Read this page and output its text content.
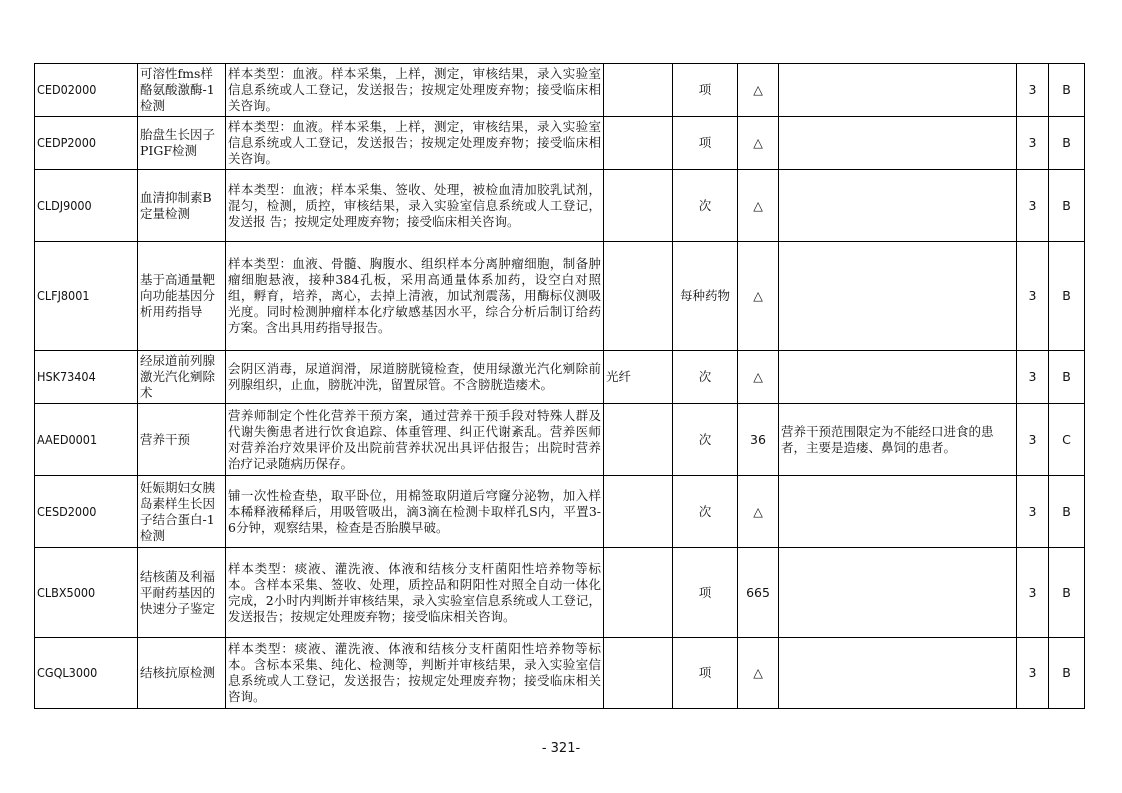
CED02000	可溶性fms样酪氨酸激酶-1检测	样本类型：血液。样本采集，上样，测定，审核结果，录入实验室信息系统或人工登记，发送报告；按规定处理废弃物；接受临床相关咨询。		项	△		3	B
CEDP2000	胎盘生长因子PIGF检测	样本类型：血液。样本采集，上样，测定，审核结果，录入实验室信息系统或人工登记，发送报告；按规定处理废弃物；接受临床相关咨询。		项	△		3	B
CLDJ9000	血清抑制素B定量检测	样本类型：血液；样本采集、签收、处理，被检血清加胶乳试剂，混匀，检测，质控，审核结果，录入实验室信息系统或人工登记，发送报 告；按规定处理废弃物；接受临床相关咨询。		次	△		3	B
CLFJ8001	基于高通量靶向功能基因分析用药指导	样本类型：血液、骨髓、胸腹水、组织样本分离肿瘤细胞，制备肿瘤细胞悬液，接种384孔板，采用高通量体系加药，设空白对照组，孵育，培养，离心，去掉上清液，加试剂震荡，用酶标仪测吸光度。同时检测肿瘤样本化疗敏感基因水平，综合分析后制订给药方案。含出具用药指导报告。		每种药物	△		3	B
HSK73404	经尿道前列腺激光汽化剜除术	会阴区消毒，尿道润滑，尿道膀胱镜检查，使用绿激光汽化剜除前列腺组织，止血，膀胱冲洗，留置尿管。不含膀胱造瘘术。	光纤	次	△		3	B
AAED0001	营养干预	营养师制定个性化营养干预方案，通过营养干预手段对特殊人群及代谢失衡患者进行饮食追踪、体重管理、纠正代谢紊乱。营养医师对营养治疗效果评价及出院前营养状况出具评估报告；出院时营养治疗记录随病历保存。		次	36	营养干预范围限定为不能经口进食的患者，主要是造瘘、鼻饲的患者。	3	C
CESD2000	妊娠期妇女胰岛素样生长因子结合蛋白-1检测	铺一次性检查垫，取平卧位，用棉签取阴道后穹窿分泌物，加入样本稀释液稀释后，用吸管吸出，滴3滴在检测卡取样孔S内，平置3-6分钟，观察结果，检查是否胎膜早破。		次	△		3	B
CLBX5000	结核菌及利福平耐药基因的快速分子鉴定	样本类型：痰液、灌洗液、体液和结核分支杆菌阳性培养物等标本。含样本采集、签收、处理，质控品和阴阳性对照全自动一体化完成，2小时内判断并审核结果，录入实验室信息系统或人工登记，发送报告；按规定处理废弃物；接受临床相关咨询。		项	665		3	B
CGQL3000	结核抗原检测	样本类型：痰液、灌洗液、体液和结核分支杆菌阳性培养物等标本。含标本采集、纯化、检测等，判断并审核结果，录入实验室信息系统或人工登记，发送报告；按规定处理废弃物；接受临床相关咨询。		项	△		3	B
- 321-
